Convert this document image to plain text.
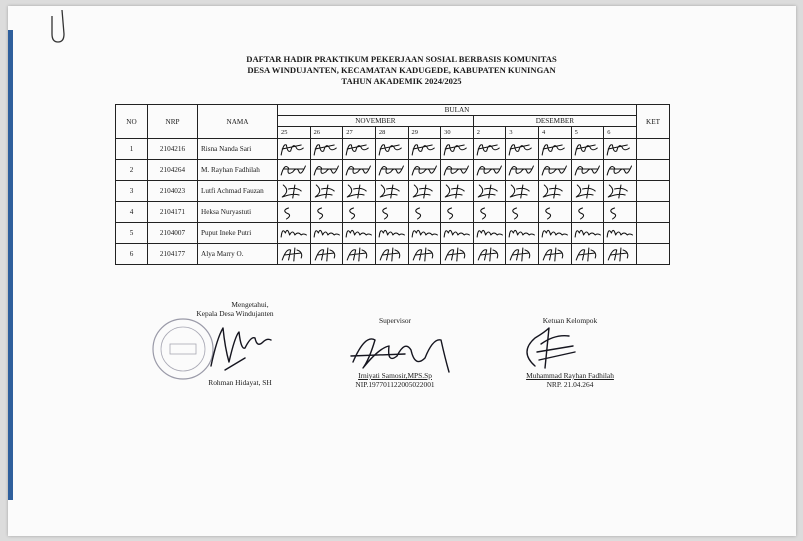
DAFTAR HADIR PRAKTIKUM PEKERJAAN SOSIAL BERBASIS KOMUNITAS
DESA WINDUJANTEN, KECAMATAN KADUGEDE, KABUPATEN KUNINGAN
TAHUN AKADEMIK 2024/2025
NO	NRP	NAMA	BULAN											KET
			NOVEMBER						DESEMBER					
			25	26	27	28	29	30	2	3	4	5	6	
1	2104216	Risna Nanda Sari	

2	2104264	M. Rayhan Fadhilah	

3	2104023	Lutfi Achmad Fauzan	

4	2104171	Heksa Nuryastuti	

5	2104007	Puput Ineke Putri	

6	2104177	Alya Marry O.	

Mengetahui,
Kepala Desa Windujanten
Rohman Hidayat, SH
Supervisor
Irniyati Samosir,MPS.Sp
NIP.197701122005022001
Ketuan Kelompok
Muhammad Rayhan Fadhilah
NRP. 21.04.264
